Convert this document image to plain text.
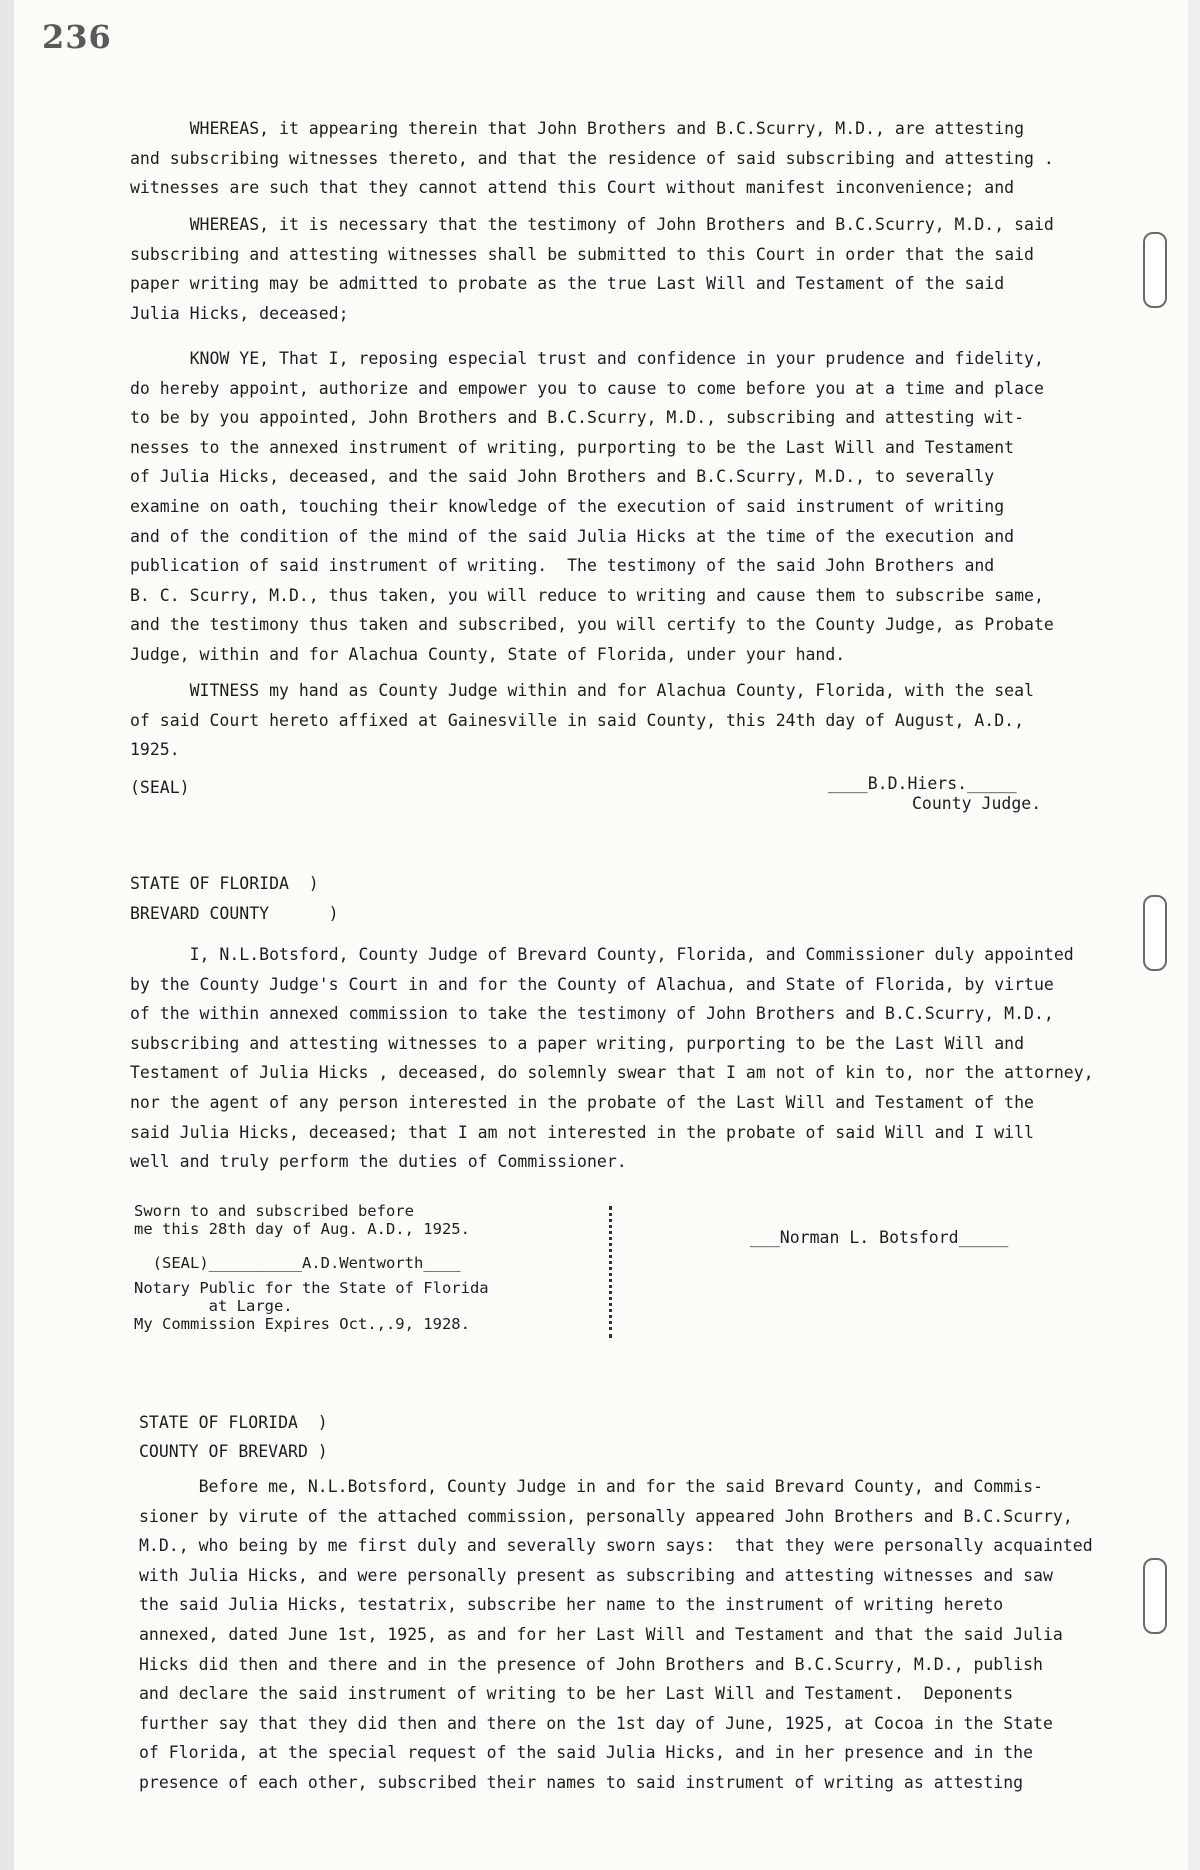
236
WHEREAS, it appearing therein that John Brothers and B.C.Scurry, M.D., are attesting
and subscribing witnesses thereto, and that the residence of said subscribing and attesting .
witnesses are such that they cannot attend this Court without manifest inconvenience; and
WHEREAS, it is necessary that the testimony of John Brothers and B.C.Scurry, M.D., said
subscribing and attesting witnesses shall be submitted to this Court in order that the said
paper writing may be admitted to probate as the true Last Will and Testament of the said
Julia Hicks, deceased;
KNOW YE, That I, reposing especial trust and confidence in your prudence and fidelity,
do hereby appoint, authorize and empower you to cause to come before you at a time and place
to be by you appointed, John Brothers and B.C.Scurry, M.D., subscribing and attesting wit-
nesses to the annexed instrument of writing, purporting to be the Last Will and Testament
of Julia Hicks, deceased, and the said John Brothers and B.C.Scurry, M.D., to severally
examine on oath, touching their knowledge of the execution of said instrument of writing
and of the condition of the mind of the said Julia Hicks at the time of the execution and
publication of said instrument of writing.  The testimony of the said John Brothers and
B. C. Scurry, M.D., thus taken, you will reduce to writing and cause them to subscribe same,
and the testimony thus taken and subscribed, you will certify to the County Judge, as Probate
Judge, within and for Alachua County, State of Florida, under your hand.
WITNESS my hand as County Judge within and for Alachua County, Florida, with the seal
of said Court hereto affixed at Gainesville in said County, this 24th day of August, A.D.,
1925.
(SEAL)	____B.D.Hiers._____
County Judge.
STATE OF FLORIDA  )
BREVARD COUNTY      )
I, N.L.Botsford, County Judge of Brevard County, Florida, and Commissioner duly appointed
by the County Judge's Court in and for the County of Alachua, and State of Florida, by virtue
of the within annexed commission to take the testimony of John Brothers and B.C.Scurry, M.D.,
subscribing and attesting witnesses to a paper writing, purporting to be the Last Will and
Testament of Julia Hicks , deceased, do solemnly swear that I am not of kin to, nor the attorney,
nor the agent of any person interested in the probate of the Last Will and Testament of the
said Julia Hicks, deceased; that I am not interested in the probate of said Will and I will
well and truly perform the duties of Commissioner.
Sworn to and subscribed before
me this 28th day of Aug. A.D., 1925.
(SEAL)__________A.D.Wentworth____
Notary Public for the State of Florida
at Large.
My Commission Expires Oct.,.9, 1928.
___Norman L. Botsford_____
STATE OF FLORIDA  )
COUNTY OF BREVARD )
Before me, N.L.Botsford, County Judge in and for the said Brevard County, and Commis-
sioner by virute of the attached commission, personally appeared John Brothers and B.C.Scurry,
M.D., who being by me first duly and severally sworn says:  that they were personally acquainted
with Julia Hicks, and were personally present as subscribing and attesting witnesses and saw
the said Julia Hicks, testatrix, subscribe her name to the instrument of writing hereto
annexed, dated June 1st, 1925, as and for her Last Will and Testament and that the said Julia
Hicks did then and there and in the presence of John Brothers and B.C.Scurry, M.D., publish
and declare the said instrument of writing to be her Last Will and Testament.  Deponents
further say that they did then and there on the 1st day of June, 1925, at Cocoa in the State
of Florida, at the special request of the said Julia Hicks, and in her presence and in the
presence of each other, subscribed their names to said instrument of writing as attesting
